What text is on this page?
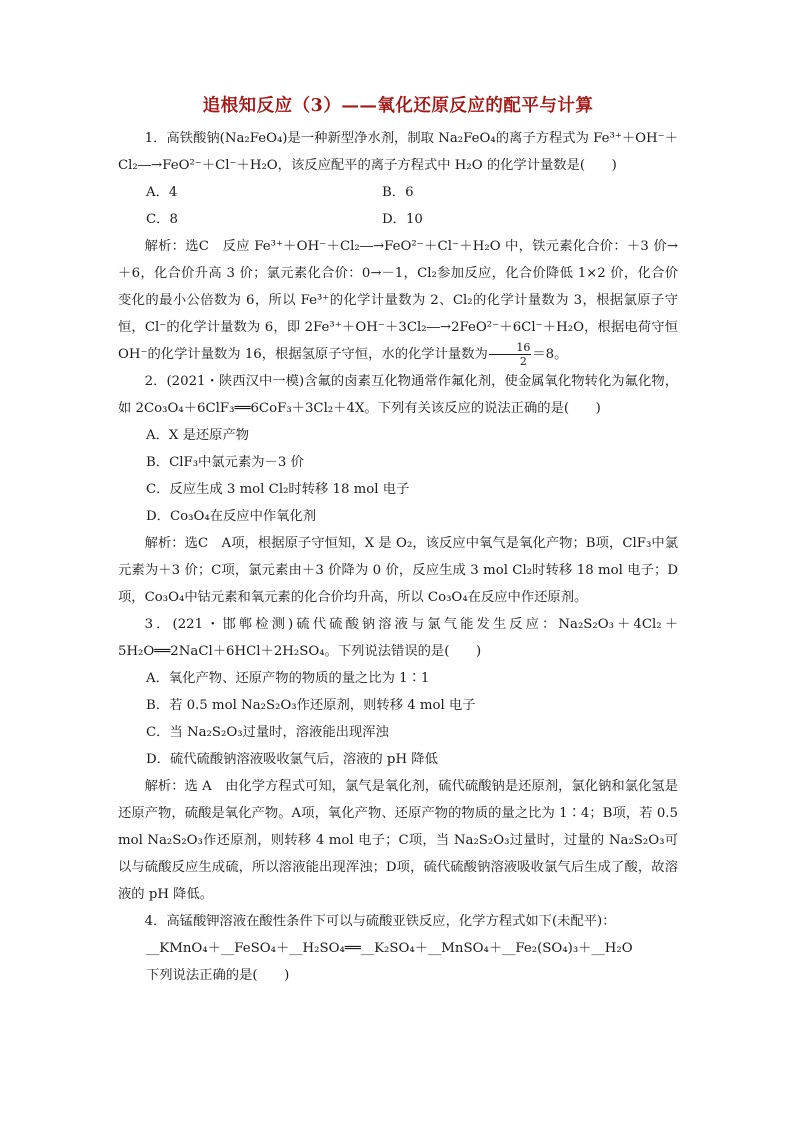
追根知反应（3）——氧化还原反应的配平与计算

1．高铁酸钠(Na₂FeO₄)是一种新型净水剂，制取 Na₂FeO₄的离子方程式为 Fe³⁺＋OH⁻＋Cl₂―→FeO²⁻＋Cl⁻＋H₂O，该反应配平的离子方程式中 H₂O 的化学计量数是(　　)

A．4	B．6
C．8	D．10

解析：选C　反应 Fe³⁺＋OH⁻＋Cl₂―→FeO²⁻＋Cl⁻＋H₂O 中，铁元素化合价：＋3 价→＋6，化合价升高 3 价；氯元素化合价：0→－1，Cl₂参加反应，化合价降低 1×2 价，化合价变化的最小公倍数为 6，所以 Fe³⁺的化学计量数为 2、Cl₂的化学计量数为 3，根据氯原子守恒，Cl⁻的化学计量数为 6，即 2Fe³⁺＋OH⁻＋3Cl₂―→2FeO²⁻＋6Cl⁻＋H₂O，根据电荷守恒OH⁻的化学计量数为 16，根据氢原子守恒，水的化学计量数为 $\frac{16}{2} =8$。

2．(2021・陕西汉中一模)含氟的卤素互化物通常作氟化剂，使金属氧化物转化为氟化物，如 2Co₃O₄＋6ClF₃══6CoF₃＋3Cl₂＋4X。下列有关该反应的说法正确的是(　　)

A．X 是还原产物

B．ClF₃中氯元素为－3 价

C．反应生成 3 mol Cl₂时转移 18 mol 电子

D．Co₃O₄在反应中作氧化剂

解析：选C　A项，根据原子守恒知，X 是 O₂，该反应中氧气是氧化产物；B项，ClF₃中氯元素为＋3 价；C项，氯元素由＋3 价降为 0 价，反应生成 3 mol Cl₂时转移 18 mol 电子；D项，Co₃O₄中钴元素和氧元素的化合价均升高，所以 Co₃O₄在反应中作还原剂。

3．(221・邯郸检测)硫代硫酸钠溶液与氯气能发生反应：Na₂S₂O₃＋4Cl₂＋5H₂O══2NaCl＋6HCl＋2H₂SO₄。下列说法错误的是(　　)

A．氧化产物、还原产物的物质的量之比为 1∶1

B．若 0.5 mol Na₂S₂O₃作还原剂，则转移 4 mol 电子

C．当 Na₂S₂O₃过量时，溶液能出现浑浊

D．硫代硫酸钠溶液吸收氯气后，溶液的 pH 降低

解析：选 A　由化学方程式可知，氯气是氧化剂，硫代硫酸钠是还原剂，氯化钠和氯化氢是还原产物，硫酸是氧化产物。A项，氧化产物、还原产物的物质的量之比为 1∶4；B项，若 0.5 mol Na₂S₂O₃作还原剂，则转移 4 mol 电子；C项，当 Na₂S₂O₃过量时，过量的 Na₂S₂O₃可以与硫酸反应生成硫，所以溶液能出现浑浊；D项，硫代硫酸钠溶液吸收氯气后生成了酸，故溶液的 pH 降低。

4．高锰酸钾溶液在酸性条件下可以与硫酸亚铁反应，化学方程式如下(未配平)：

__KMnO₄＋__FeSO₄＋__H₂SO₄══__K₂SO₄＋__MnSO₄＋__Fe₂(SO₄)₃＋__H₂O

下列说法正确的是(　　)
